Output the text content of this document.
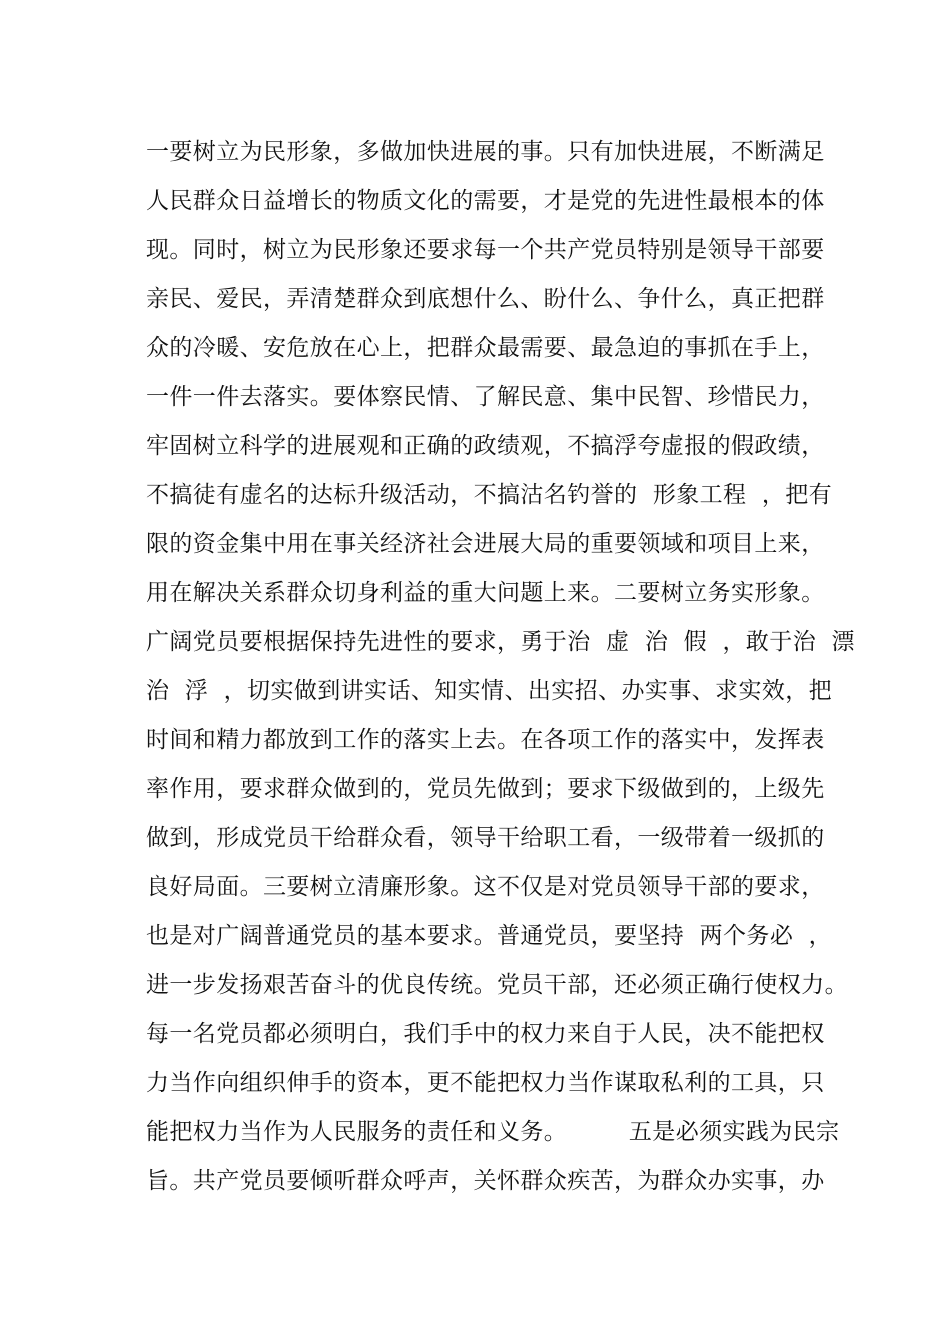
一要树立为民形象，多做加快进展的事。只有加快进展，不断满足
人民群众日益增长的物质文化的需要，才是党的先进性最根本的体
现。同时，树立为民形象还要求每一个共产党员特别是领导干部要
亲民、爱民，弄清楚群众到底想什么、盼什么、争什么，真正把群
众的冷暖、安危放在心上，把群众最需要、最急迫的事抓在手上，
一件一件去落实。要体察民情、了解民意、集中民智、珍惜民力，
牢固树立科学的进展观和正确的政绩观，不搞浮夸虚报的假政绩，
不搞徒有虚名的达标升级活动，不搞沽名钓誉的  形象工程  ，把有
限的资金集中用在事关经济社会进展大局的重要领域和项目上来，
用在解决关系群众切身利益的重大问题上来。二要树立务实形象。
广阔党员要根据保持先进性的要求，勇于治  虚  治  假  ，敢于治  漂
治  浮  ，切实做到讲实话、知实情、出实招、办实事、求实效，把
时间和精力都放到工作的落实上去。在各项工作的落实中，发挥表
率作用，要求群众做到的，党员先做到；要求下级做到的，上级先
做到，形成党员干给群众看，领导干给职工看，一级带着一级抓的
良好局面。三要树立清廉形象。这不仅是对党员领导干部的要求，
也是对广阔普通党员的基本要求。普通党员，要坚持  两个务必  ，
进一步发扬艰苦奋斗的优良传统。党员干部，还必须正确行使权力。
每一名党员都必须明白，我们手中的权力来自于人民，决不能把权
力当作向组织伸手的资本，更不能把权力当作谋取私利的工具，只
能把权力当作为人民服务的责任和义务。        五是必须实践为民宗
旨。共产党员要倾听群众呼声，关怀群众疾苦，为群众办实事，办
